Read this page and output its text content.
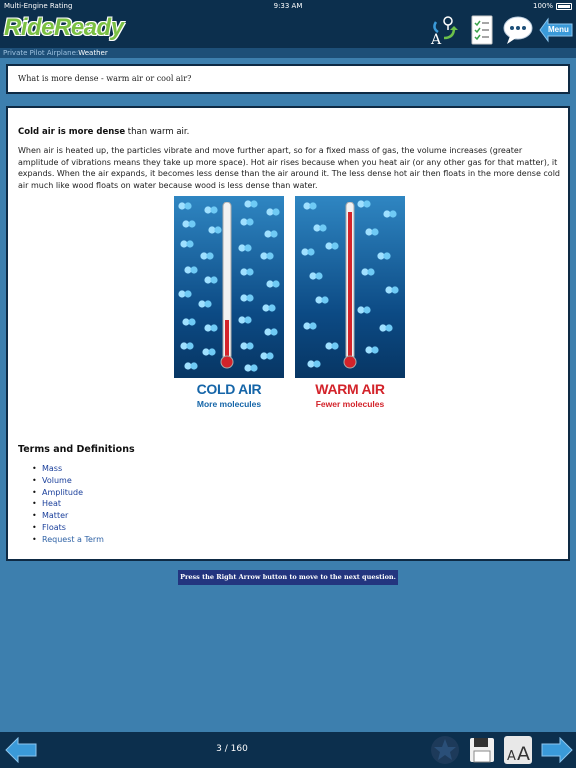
Multi-Engine Rating	9:33 AM	100%
RideReady	A
Menu
Private Pilot Airplane:Weather
What is more dense - warm air or cool air?
Cold air is more dense than warm air.
When air is heated up, the particles vibrate and move further apart, so for a fixed mass of gas, the volume increases (greater amplitude of vibrations means they take up more space). Hot air rises because when you heat air (or any other gas for that matter), it expands. When the air expands, it becomes less dense than the air around it. The less dense hot air then floats in the more dense cold air much like wood floats on water because wood is less dense than water.
COLD AIR
More molecules
WARM AIR
Fewer molecules
Terms and Definitions
• Mass
• Volume
• Amplitude
• Heat
• Matter
• Floats
• Request a Term
Press the Right Arrow button to move to the next question.
3 / 160	A A
